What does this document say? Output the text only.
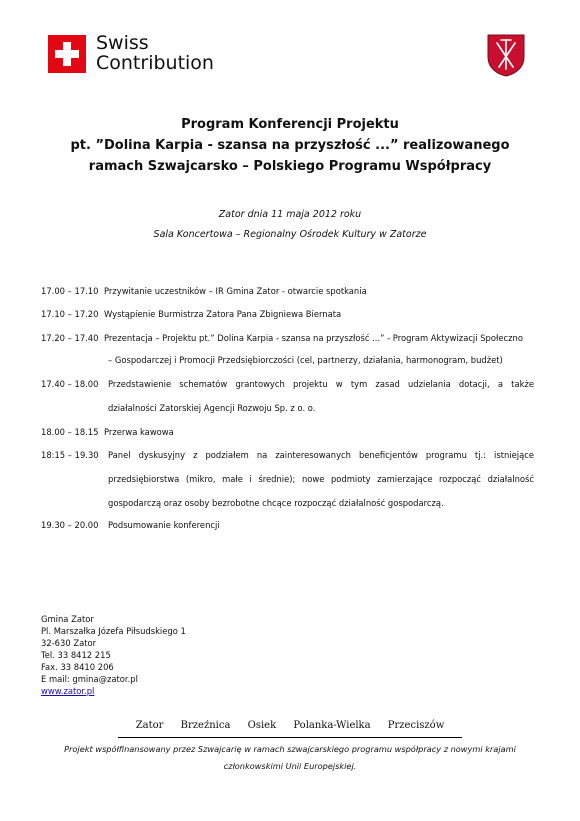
Swiss
Contribution
Program Konferencji Projektu
pt. ”Dolina Karpia - szansa na przyszłość ...” realizowanego
ramach Szwajcarsko – Polskiego Programu Współpracy
Zator dnia 11 maja 2012 roku
Sala Koncertowa – Regionalny Ośrodek Kultury w Zatorze
17.00 – 17.10 Przywitanie uczestników – IR Gmina Zator - otwarcie spotkania
17.10 – 17.20 Wystąpienie Burmistrza Zatora Pana Zbigniewa Biernata
17.20 – 17.40 Prezentacja – Projektu pt.” Dolina Karpia - szansa na przyszłość ...” - Program Aktywizacji Społeczno
– Gospodarczej i Promocji Przedsiębiorczości (cel, partnerzy, działania, harmonogram, budżet)
17.40 – 18.00 Przedstawienie schematów grantowych projektu w tym zasad udzielania dotacji, a także
działalności Zatorskiej Agencji Rozwoju Sp. z o. o.
18.00 – 18.15 Przerwa kawowa
18:15 – 19.30 Panel dyskusyjny z podziałem na zainteresowanych beneficjentów programu tj.: istniejące
przedsiębiorstwa (mikro, małe i średnie); nowe podmioty zamierzające rozpocząć działalność
gospodarczą oraz osoby bezrobotne chcące rozpocząć działalność gospodarczą.
19.30 – 20.00 Podsumowanie konferencji
Gmina Zator
Pl. Marszałka Józefa Piłsudskiego 1
32-630 Zator
Tel. 33 8412 215
Fax. 33 8410 206
E mail: gmina@zator.pl
www.zator.pl
Zator Brzeźnica Osiek Polanka-Wielka Przeciszów
Projekt współfinansowany przez Szwajcarię w ramach szwajcarskiego programu współpracy z nowymi krajami
członkowskimi Unii Europejskiej.
